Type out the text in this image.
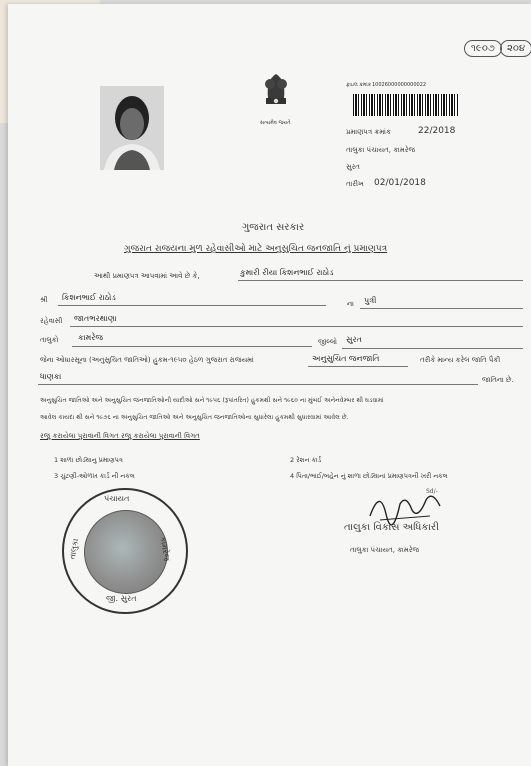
૧૯૦૭	૨૦૪
સત્યમેવ જયતે
ફાઇલ ક્રમાંક 10026000000000022
પ્રમાણપત્ર ક્રમાંક	22/2018
તાલુકા પંચાયત, કામરેજ
સુરત
તારીખ 02/01/2018
ગુજરાત સરકાર
ગુજરાત રાજયના મુળ રહેવાસીઓ માટે અનુસુચિત જનજાતિ નું પ્રમાણપત્ર
આથી પ્રમાણપત્ર આપવામાં આવે છે કે,	કુમારી રીયા કિશનભાઈ રાઠોડ
શ્રી કિશનભાઈ રાઠોડ
ના પુત્રી
રહેવાસી જાતભરથાણા
તાલુકો કામરેજ	જીલ્લો સુરત
જેના ઓધારસૂના (અનુસુચિત જાતિઓ) હુકમ-૧૯૫૦ હેઠળ ગુજરાત રાજયમાં	અનુસુચિત જનજાતિ	તરીકે માન્ય કરેલ જાતિ પૈકી
ધાણકા	જાતિના છે.
અનુસુચિત જાતિઓ અને અનુસુચિત જનજાતિઓની યાદીઓ સને ૧૯૫૬ (રૂપાંતરિત) હુકમથી સને ૧૯૬૦ ના મુંબઈ અનેનવેમ્બર થી ઘડવામાં
આવેલ કાયદા થી સને ૧૯૭૬ ના અનુસુચિત જાતિઓ અને અનુસુચિત જનજાતિઓના સુધારેલા હુકમથી સુધારવામાં આવેલ છે.
રજુ કરાયેલા પુરાવાની વિગત રજુ કરાયેલા પુરાવાની વિગત
1 શાળા છોડ્યાનુ પ્રમાણપત્ર	2 રેશન કાર્ડ
3 ચુંટણી-ઓળખ કાર્ડ ની નકલ	4 પિતા/ભાઈ/બહેન નું શાળા છોડ્યાનાં પ્રમાણપત્રની ખરી નકલ
પંચાયત
તાલુકા	કામરેજ
જી. સુરત
Sd/-
તાલુકા વિકાસ અધિકારી
તાલુકા પંચાયત, કામરેજ
